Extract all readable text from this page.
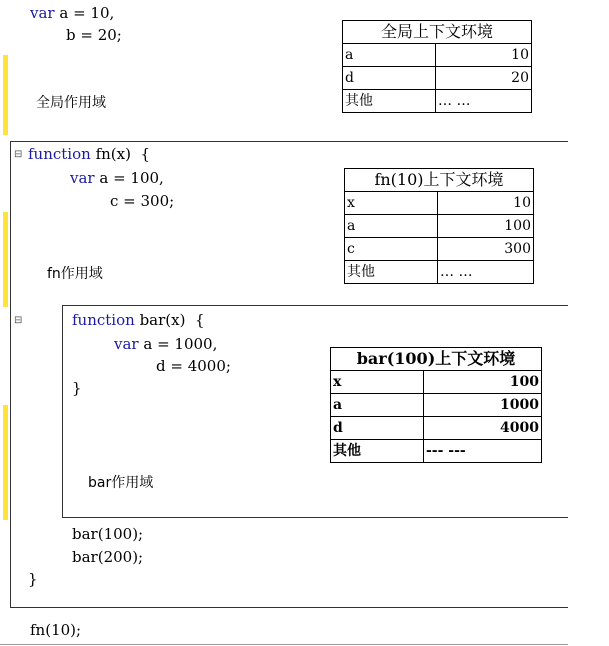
var a = 10,
b = 20;
全局作用域
全局上下文环境	
a	10
d	20
其他	… …
⊟ function fn(x)  {
var a = 100,
c = 300;
fn作用域
fn(10)上下文环境	
x	10
a	100
c	300
其他	… …
⊟	function bar(x)  {
var a = 1000,
d = 4000;
}
bar作用域
bar(100)上下文环境	
x	100
a	1000
d	4000
其他	--- ---
bar(100);
bar(200);
}
fn(10);
